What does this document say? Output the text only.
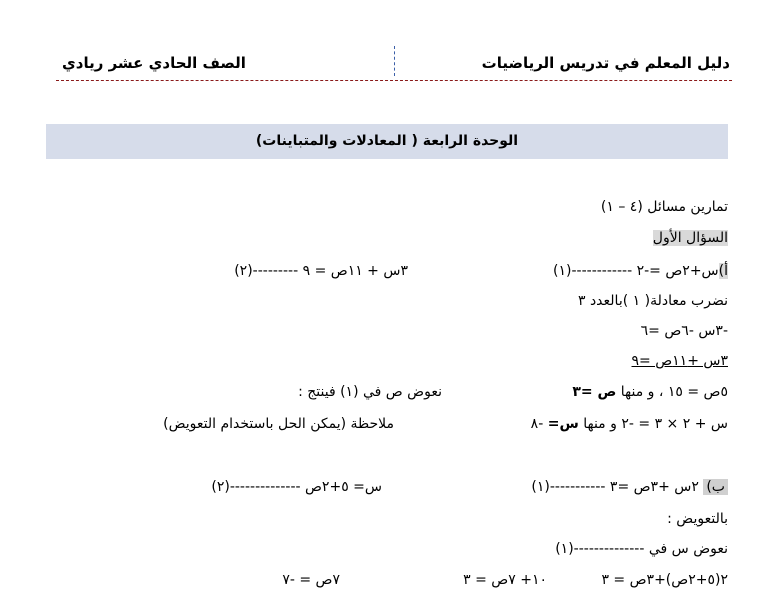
دليل المعلم في تدريس الرياضيات
الصف الحادي عشر ريادي
الوحدة الرابعة ( المعادلات والمتباينات)
تمارين مسائل (٤ – ١)
السؤال الأول
أ)س+٢ص =-٢ ------------(١)
٣س + ١١ص = ٩ ---------(٢)
نضرب معادلة( ١ )بالعدد ٣
-٣س -٦ص =٦
٣س +١١ص =٩
٥ص = ١٥ ، و منها ص =٣
نعوض ص في (١) فينتج :
س + ٢ × ٣ = -٢ و منها س= -٨
ملاحظة (يمكن الحل باستخدام التعويض)
ب) ٢س +٣ص =٣ -----------(١)
س= ٥+٢ص --------------(٢)
بالتعويض :
نعوض س في --------------(١)
٢(٥+٢ص)+٣ص = ٣
١٠+ ٧ص = ٣
٧ص = -٧
